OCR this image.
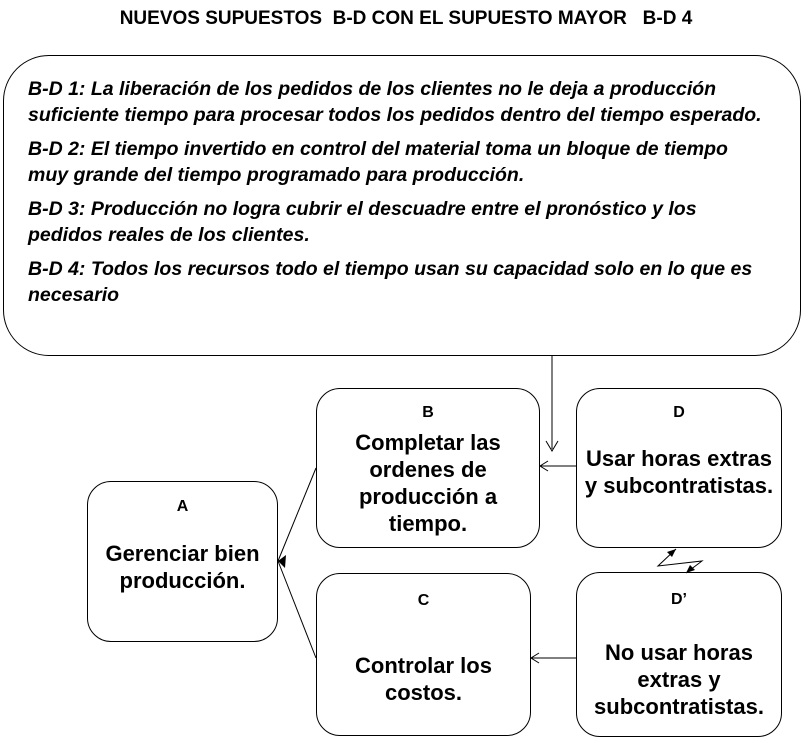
NUEVOS SUPUESTOS  B-D CON EL SUPUESTO MAYOR   B-D 4

B-D 1: La liberación de los pedidos de los clientes no le deja a producción suficiente tiempo para procesar todos los pedidos dentro del tiempo esperado.

B-D 2: El tiempo invertido en control del material toma un bloque de tiempo muy grande del tiempo programado para producción.

B-D 3: Producción no logra cubrir el descuadre entre el pronóstico y los pedidos reales de los clientes.

B-D 4: Todos los recursos todo el tiempo usan su capacidad solo en lo que es necesario

A
Gerenciar bien producción.
B
Completar las ordenes de producción a tiempo.
C
Controlar los costos.
D
Usar horas extras y subcontratistas.
D’
No usar horas extras y subcontratistas.
